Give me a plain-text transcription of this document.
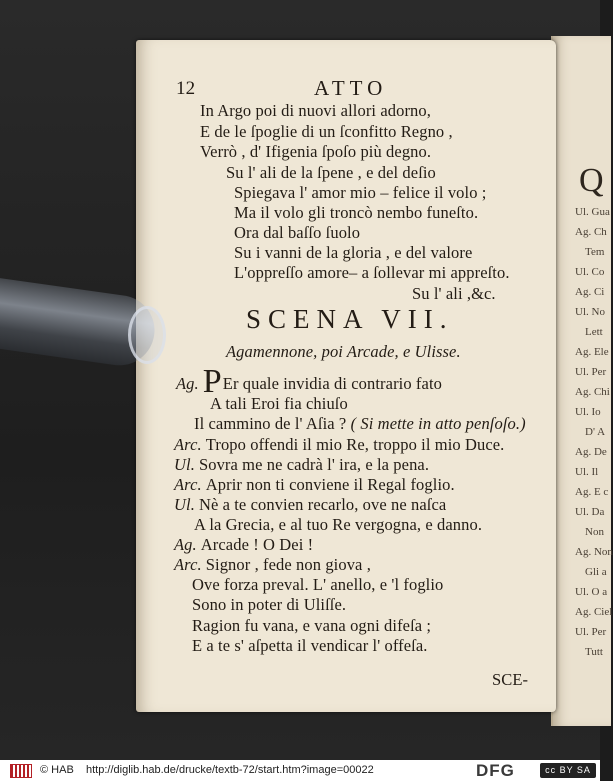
Q
Ul. Gua
Ag. Ch
Tem
Ul. Co
Ag. Ci
Ul. No
Lett
Ag. Ele
Ul. Per
Ag. Chi
Ul. Io
D' A
Ag. De
Ul. Il
Ag. E c
Ul. Da
Non
Ag. Non
Gli a
Ul. O a
Ag. Ciel
Ul. Per
Tutt
12	ATTO
In Argo poi di nuovi allori adorno,
E de le ſpoglie di un ſconfitto Regno ,
Verrò , d' Ifigenia ſpoſo più degno.
Su l' ali de la ſpene , e del deſio
Spiegava l' amor mio – felice il volo ;
Ma il volo gli troncò nembo funeſto.
Ora dal baſſo ſuolo
Su i vanni de la gloria , e del valore
L'oppreſſo amore– a ſollevar mi appreſto.
Su l' ali ,&c.
SCENA VII.
Agamennone, poi Arcade, e Ulisse.
Ag. PEr quale invidia di contrario fato
A tali Eroi fia chiuſo
Il cammino de l' Aſia ? ( Si mette in atto penſoſo.)
Arc. Tropo offendi il mio Re, troppo il mio Duce.
Ul. Sovra me ne cadrà l' ira, e la pena.
Arc. Aprir non ti conviene il Regal foglio.
Ul. Nè a te convien recarlo, ove ne naſca
A la Grecia, e al tuo Re vergogna, e danno.
Ag. Arcade ! O Dei !
Arc. Signor , fede non giova ,
Ove forza preval. L' anello, e 'l foglio
Sono in poter di Uliſſe.
Ragion fu vana, e vana ogni difeſa ;
E a te s' aſpetta il vendicar l' offeſa.
SCE-
© HAB http://diglib.hab.de/drucke/textb-72/start.htm?image=00022	DFG	cc BY SA
